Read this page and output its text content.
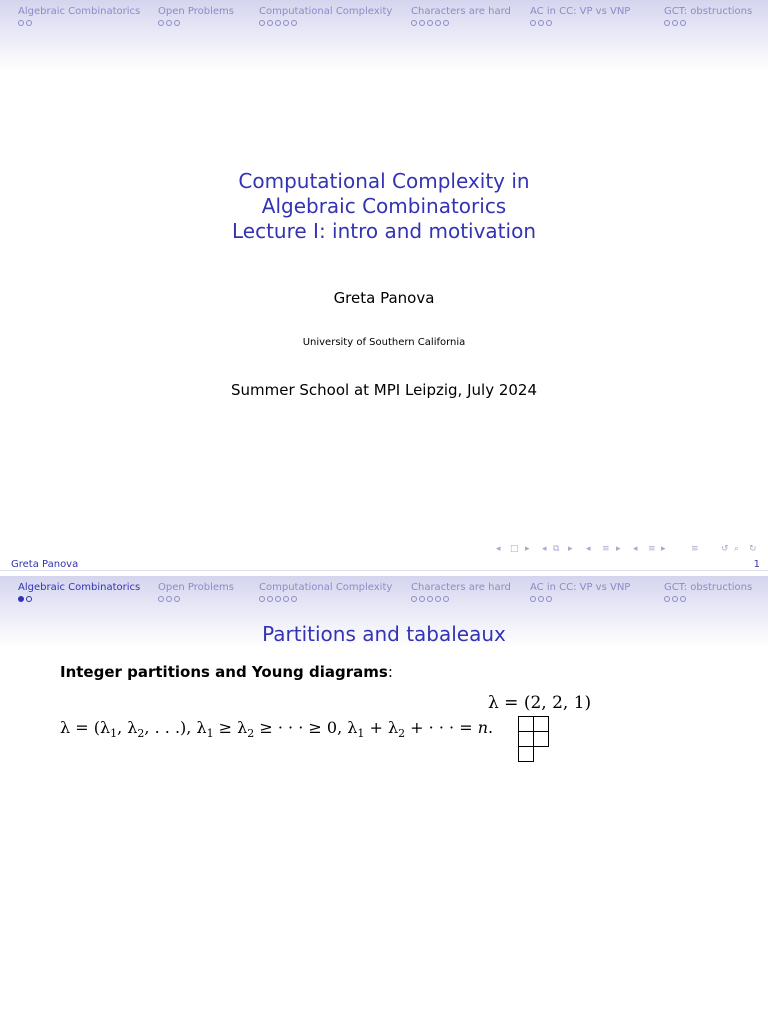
Algebraic Combinatorics Open Problems	Computational Complexity Characters are hard AC in CC: VP vs VNP	GCT: obstructions
Computational Complexity in
Algebraic Combinatorics
Lecture I: intro and motivation
Greta Panova
University of Southern California
Summer School at MPI Leipzig, July 2024
◂ □ ▸ ◂ ⧉ ▸ ◂ ≡ ▸ ◂ ≡ ▸	≡ ↺ ⌕ ↻
Greta Panova	1
Algebraic Combinatorics Open Problems	Computational Complexity Characters are hard AC in CC: VP vs VNP	GCT: obstructions
Partitions and tabaleaux
Integer partitions and Young diagrams:
λ = (2, 2, 1)
$\lambda = (\lambda_1$, $\lambda_2$, . . .), $\lambda_1 \ge \lambda_2$ ≥ · · · ≥ 0, $\lambda_1 + \lambda_2$ + · · · = n.
